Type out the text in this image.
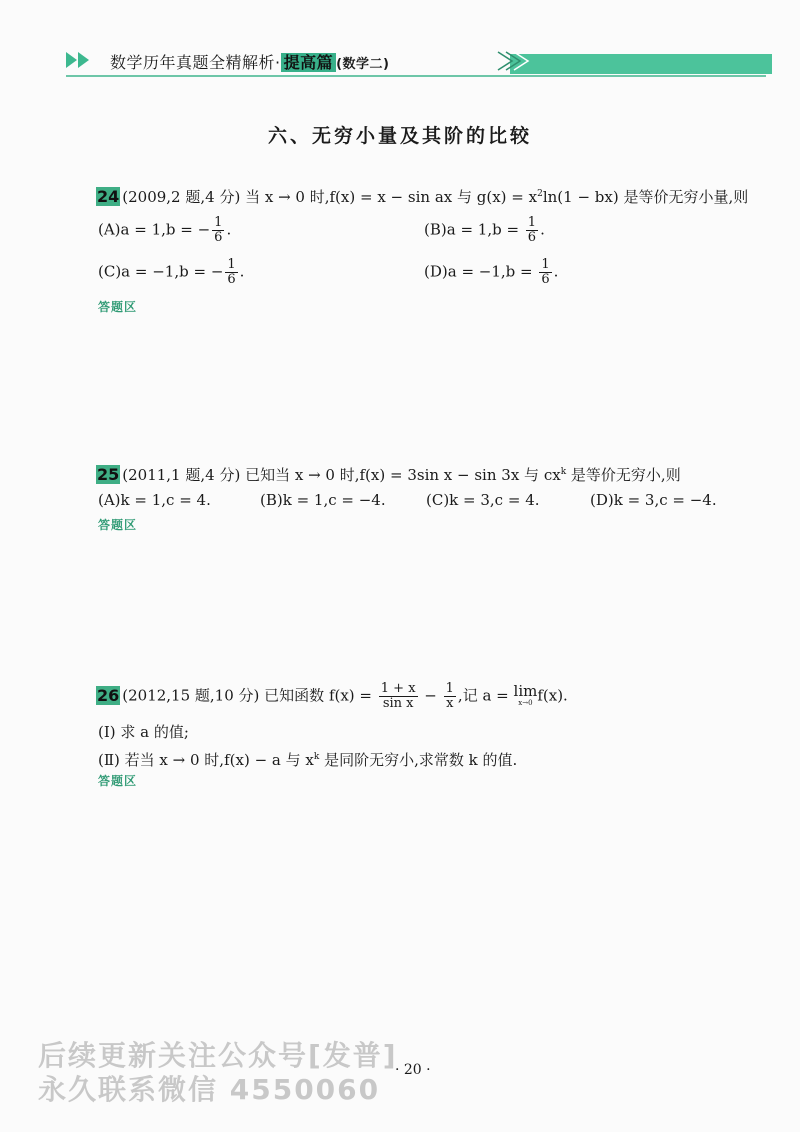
数学历年真题全精解析· 提高篇 (数学二)
六、无穷小量及其阶的比较
24 (2009,2 题,4 分) 当 x → 0 时,f(x) = x − sin ax 与 $g(x) = x^2\ln(1 - bx)$ 是等价无穷小量,则
(A)a = 1,b = − $\frac{1}{6}$ .	$(B)a = 1,b = \frac{1}{6}$ .
(C)a = −1,b = − $\frac{1}{6}$ .	$(D)a = -1,b = \frac{1}{6}$ .
答题区
25 (2011,1 题,4 分) 已知当 x → 0 时,f(x) = 3sin x − sin 3x 与 $cx^k$ 是等价无穷小,则
(A)k = 1,c = 4.	(B)k = 1,c = −4.	(C)k = 3,c = 4.	(D)k = 3,c = −4.
答题区
26 (2012,15 题,10 分) 已知函数 $f(x) = \frac{1 + x}{\text{sin x}} - \frac{1}{x}$ ,记 a = lim
x→0 f(x).
(Ⅰ) 求 a 的值;
(Ⅱ) 若当 x → 0 时,f(x) − a 与 $x^k$ 是同阶无穷小,求常数 k 的值.
答题区
· 20 ·
后续更新关注公众号[发普]
永久联系微信 4550060
